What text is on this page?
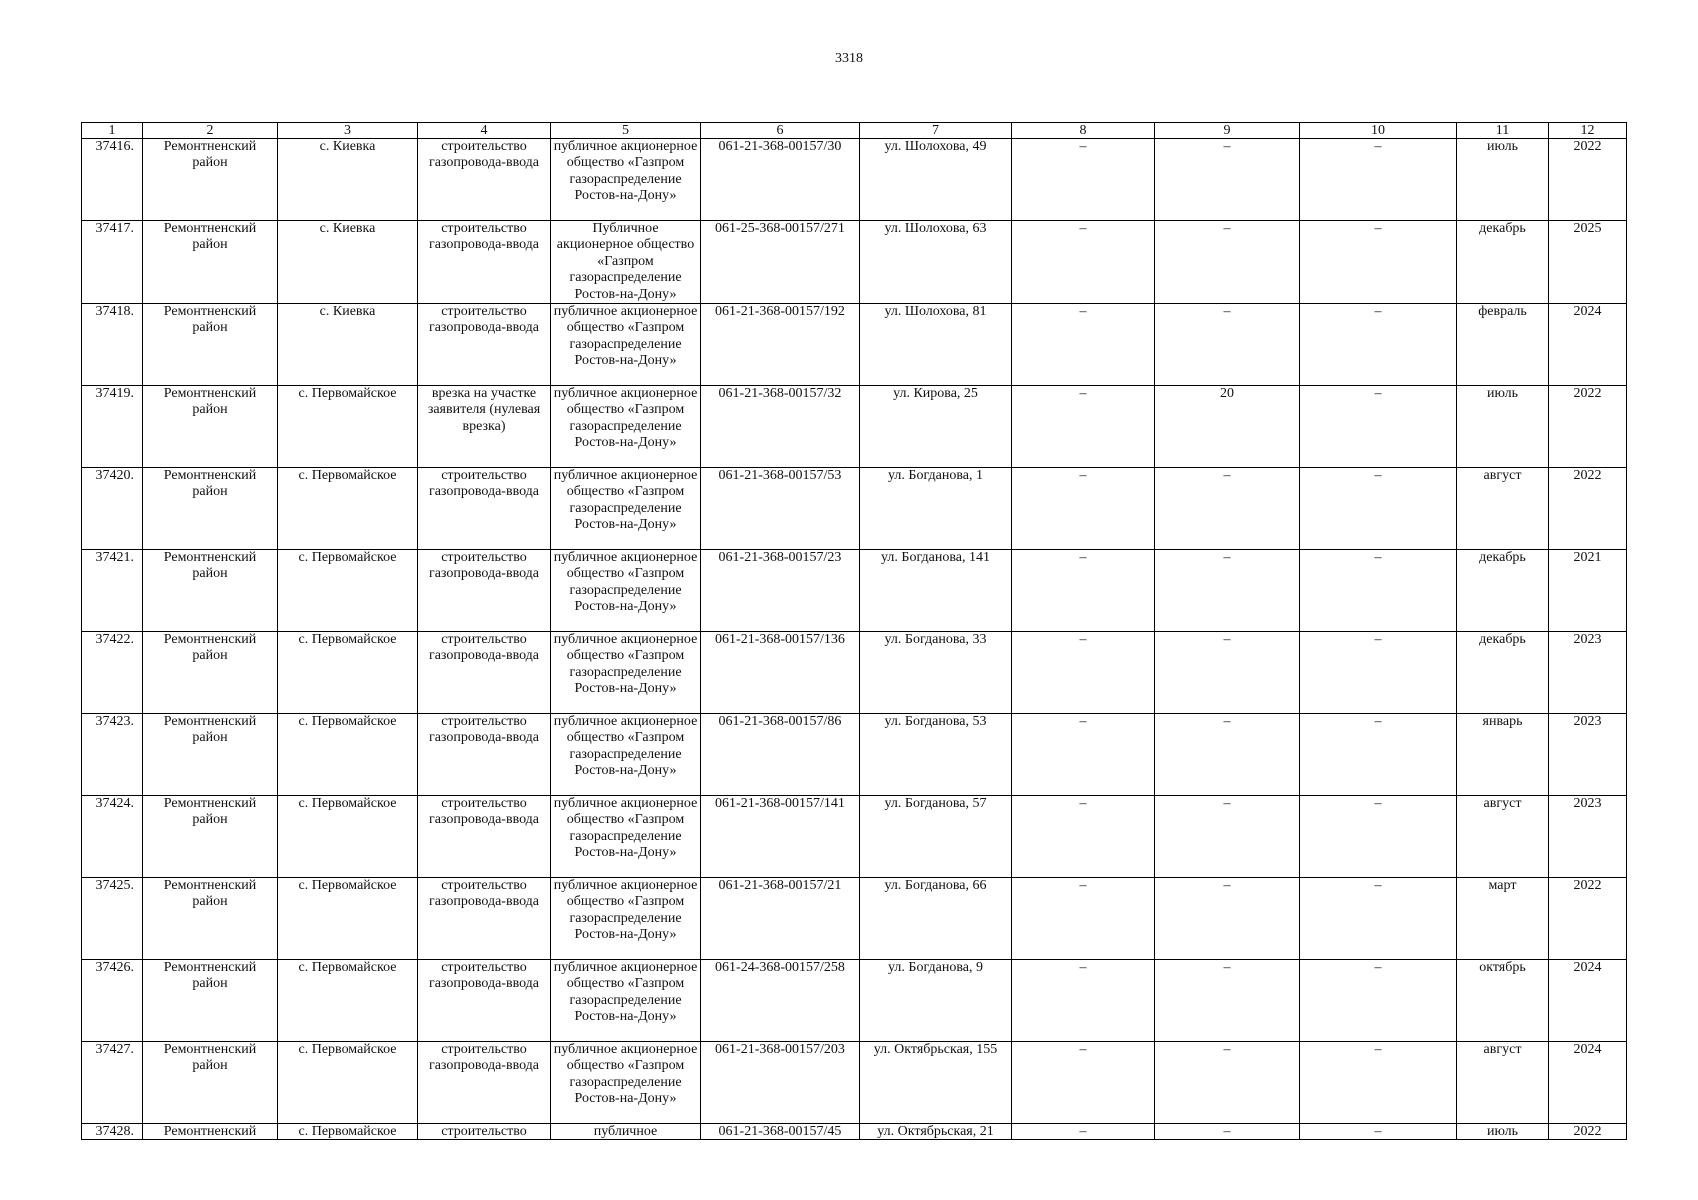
3318
1	2	3	4	5	6	7	8	9	10	11	12

37416.	Ремонтненский район	с. Киевка	строительство газопровода-ввода	публичное акционерное общество «Газпром газораспределение Ростов-на-Дону»	061-21-368-00157/30	ул. Шолохова, 49	–	–	–	июль	2022

37417.	Ремонтненский район	с. Киевка	строительство газопровода-ввода	Публичное акционерное общество «Газпром газораспределение Ростов-на-Дону»	061-25-368-00157/271	ул. Шолохова, 63	–	–	–	декабрь	2025

37418.	Ремонтненский район	с. Киевка	строительство газопровода-ввода	публичное акционерное общество «Газпром газораспределение Ростов-на-Дону»	061-21-368-00157/192	ул. Шолохова, 81	–	–	–	февраль	2024

37419.	Ремонтненский район	с. Первомайское	врезка на участке заявителя (нулевая врезка)	публичное акционерное общество «Газпром газораспределение Ростов-на-Дону»	061-21-368-00157/32	ул. Кирова, 25	–	20	–	июль	2022

37420.	Ремонтненский район	с. Первомайское	строительство газопровода-ввода	публичное акционерное общество «Газпром газораспределение Ростов-на-Дону»	061-21-368-00157/53	ул. Богданова, 1	–	–	–	август	2022

37421.	Ремонтненский район	с. Первомайское	строительство газопровода-ввода	публичное акционерное общество «Газпром газораспределение Ростов-на-Дону»	061-21-368-00157/23	ул. Богданова, 141	–	–	–	декабрь	2021

37422.	Ремонтненский район	с. Первомайское	строительство газопровода-ввода	публичное акционерное общество «Газпром газораспределение Ростов-на-Дону»	061-21-368-00157/136	ул. Богданова, 33	–	–	–	декабрь	2023

37423.	Ремонтненский район	с. Первомайское	строительство газопровода-ввода	публичное акционерное общество «Газпром газораспределение Ростов-на-Дону»	061-21-368-00157/86	ул. Богданова, 53	–	–	–	январь	2023

37424.	Ремонтненский район	с. Первомайское	строительство газопровода-ввода	публичное акционерное общество «Газпром газораспределение Ростов-на-Дону»	061-21-368-00157/141	ул. Богданова, 57	–	–	–	август	2023

37425.	Ремонтненский район	с. Первомайское	строительство газопровода-ввода	публичное акционерное общество «Газпром газораспределение Ростов-на-Дону»	061-21-368-00157/21	ул. Богданова, 66	–	–	–	март	2022

37426.	Ремонтненский район	с. Первомайское	строительство газопровода-ввода	публичное акционерное общество «Газпром газораспределение Ростов-на-Дону»	061-24-368-00157/258	ул. Богданова, 9	–	–	–	октябрь	2024

37427.	Ремонтненский район	с. Первомайское	строительство газопровода-ввода	публичное акционерное общество «Газпром газораспределение Ростов-на-Дону»	061-21-368-00157/203	ул. Октябрьская, 155	–	–	–	август	2024

37428.	Ремонтненский	с. Первомайское	строительство	публичное	061-21-368-00157/45	ул. Октябрьская, 21	–	–	–	июль	2022
